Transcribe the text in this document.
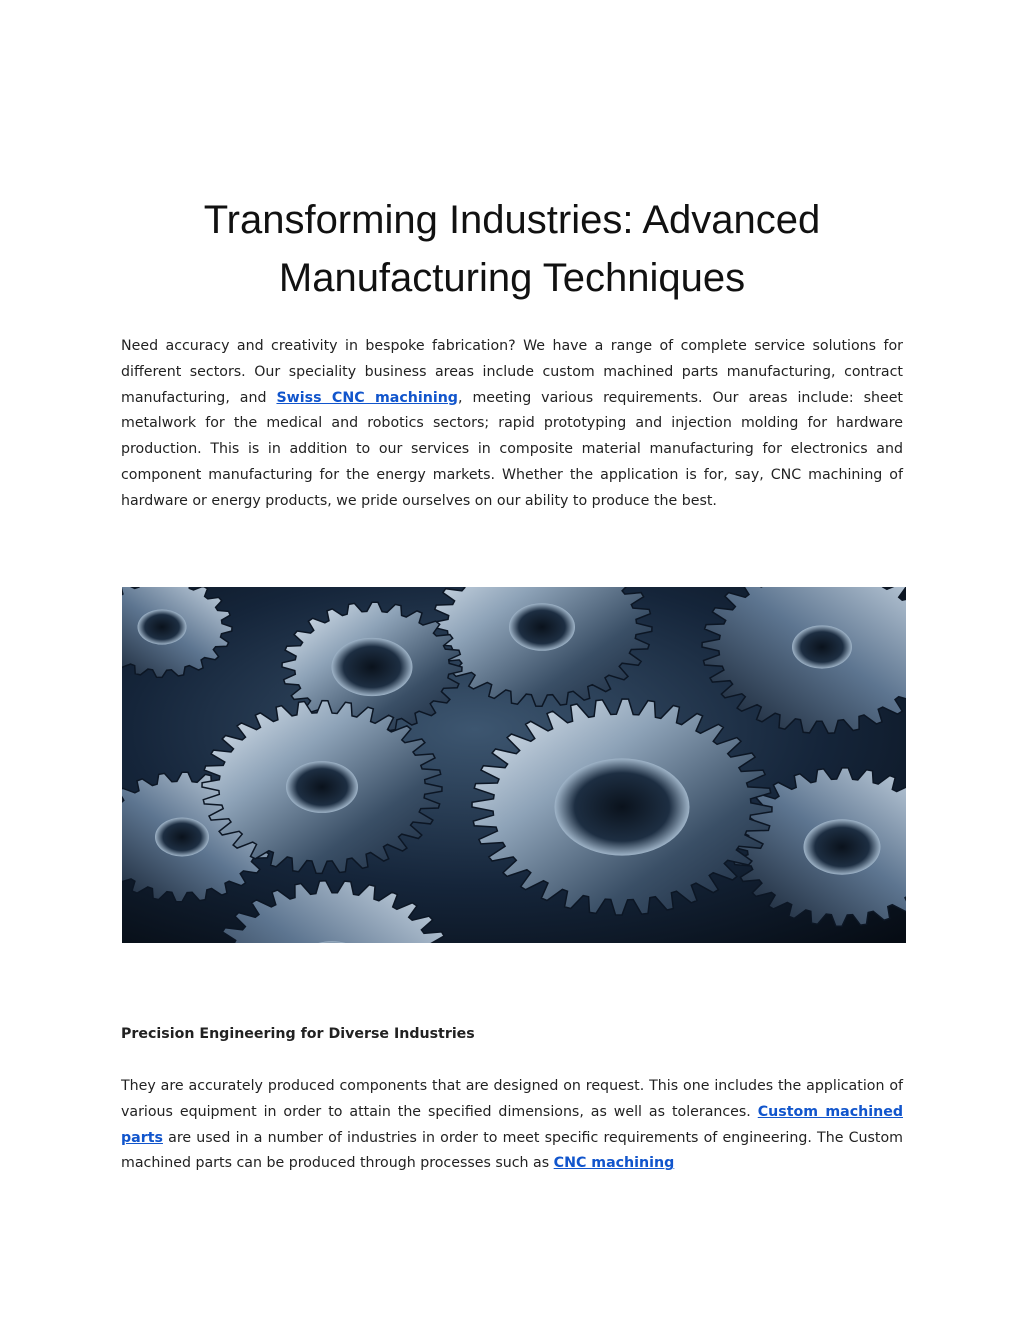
Transforming Industries: Advanced Manufacturing Techniques

Need accuracy and creativity in bespoke fabrication? We have a range of complete service solutions for different sectors. Our speciality business areas include custom machined parts manufacturing, contract manufacturing, and Swiss CNC machining, meeting various requirements. Our areas include: sheet metalwork for the medical and robotics sectors; rapid prototyping and injection molding for hardware production. This is in addition to our services in composite material manufacturing for electronics and component manufacturing for the energy markets. Whether the application is for, say, CNC machining of hardware or energy products, we pride ourselves on our ability to produce the best.

Precision Engineering for Diverse Industries

They are accurately produced components that are designed on request. This one includes the application of various equipment in order to attain the specified dimensions, as well as tolerances. Custom machined parts are used in a number of industries in order to meet specific requirements of engineering. The Custom machined parts can be produced through processes such as CNC machining
